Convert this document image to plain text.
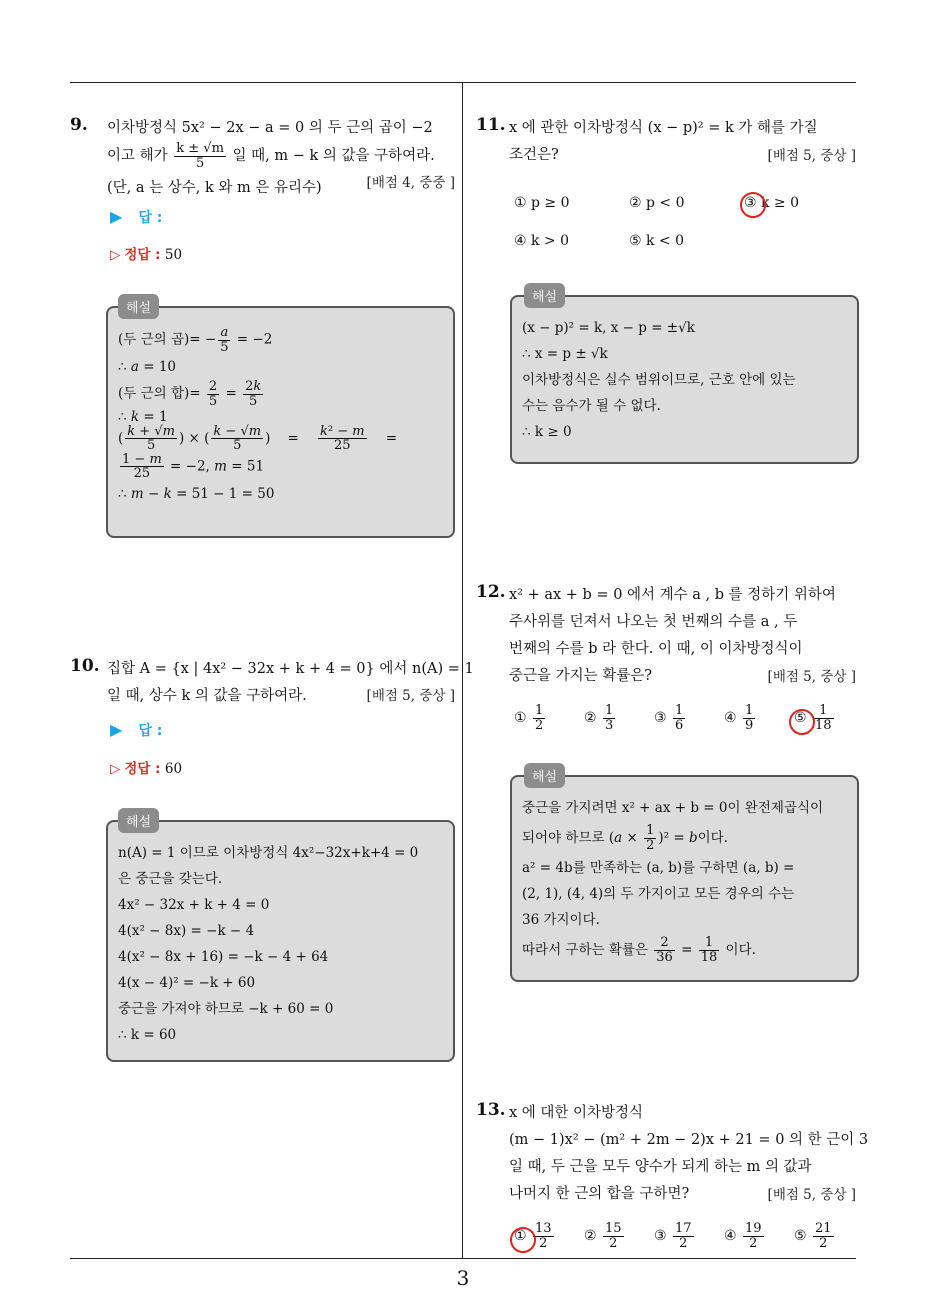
9. 이차방정식 5x² − 2x − a = 0 의 두 근의 곱이 −2
이고 해가 $\frac{k \pm √m}{5}$ 일 때, m − k 의 값을 구하여라.
(단, a 는 상수, k 와 m 은 유리수)	[배점 4, 중중 ]
▶ 답 :
▷ 정답 : 50
해설
(두 근의 곱)= − $\frac{a}{5} = -2$
∴ a = 10
(두 근의 합)= $\frac{2}{5} = \frac{2k}{5}$
∴ k = 1
( $\frac{k + √m}{5}$ ) × ( $\frac{k - √m}{5}$ )    = $\frac{\text{k² − m}}{25}$ =
$\frac{1 - m}{25} = -2$, m = 51
∴ m − k = 51 − 1 = 50
10. 집합 A = {x | 4x² − 32x + k + 4 = 0} 에서 n(A) = 1
일 때, 상수 k 의 값을 구하여라.	[배점 5, 중상 ]
▶ 답 :
▷ 정답 : 60
해설
n(A) = 1 이므로 이차방정식 4x²−32x+k+4 = 0
은 중근을 갖는다.
4x² − 32x + k + 4 = 0
4(x² − 8x) = −k − 4
4(x² − 8x + 16) = −k − 4 + 64
4(x − 4)² = −k + 60
중근을 가져야 하므로 −k + 60 = 0
∴ k = 60
11. x 에 관한 이차방정식 (x − p)² = k 가 해를 가질
조건은?	[배점 5, 중상 ]
① p ≥ 0	② p < 0	③ k ≥ 0
④ k > 0	⑤ k < 0
해설
(x − p)² = k, x − p = ±√k
∴ x = p ± √k
이차방정식은 실수 범위이므로, 근호 안에 있는
수는 음수가 될 수 없다.
∴ k ≥ 0
12. x² + ax + b = 0 에서 계수 a , b 를 정하기 위하여
주사위를 던져서 나오는 첫 번째의 수를 a , 두
번째의 수를 b 라 한다. 이 때, 이 이차방정식이
중근을 가지는 확률은?	[배점 5, 중상 ]
① $\frac{1}{2}$	② $\frac{1}{3}$	③ $\frac{1}{6}$	④ $\frac{1}{9}$	⑤ $\frac{1}{18}$
해설
중근을 가지려면 x² + ax + b = 0이 완전제곱식이
되어야 하므로 $(a \times \frac{1}{2} )^2 = b$이다.
a² = 4b를 만족하는 (a, b)를 구하면 (a, b) =
(2, 1), (4, 4)의 두 가지이고 모든 경우의 수는
36 가지이다.
따라서 구하는 확률은 $\frac{2}{36} = \frac{1}{18}$ 이다.
13. x 에 대한 이차방정식
(m − 1)x² − (m² + 2m − 2)x + 21 = 0 의 한 근이 3
일 때, 두 근을 모두 양수가 되게 하는 m 의 값과
나머지 한 근의 합을 구하면?	[배점 5, 중상 ]
① $\frac{13}{2}$ ② $\frac{15}{2}$ ③ $\frac{17}{2}$ ④ $\frac{19}{2}$ ⑤ $\frac{21}{2}$
3
